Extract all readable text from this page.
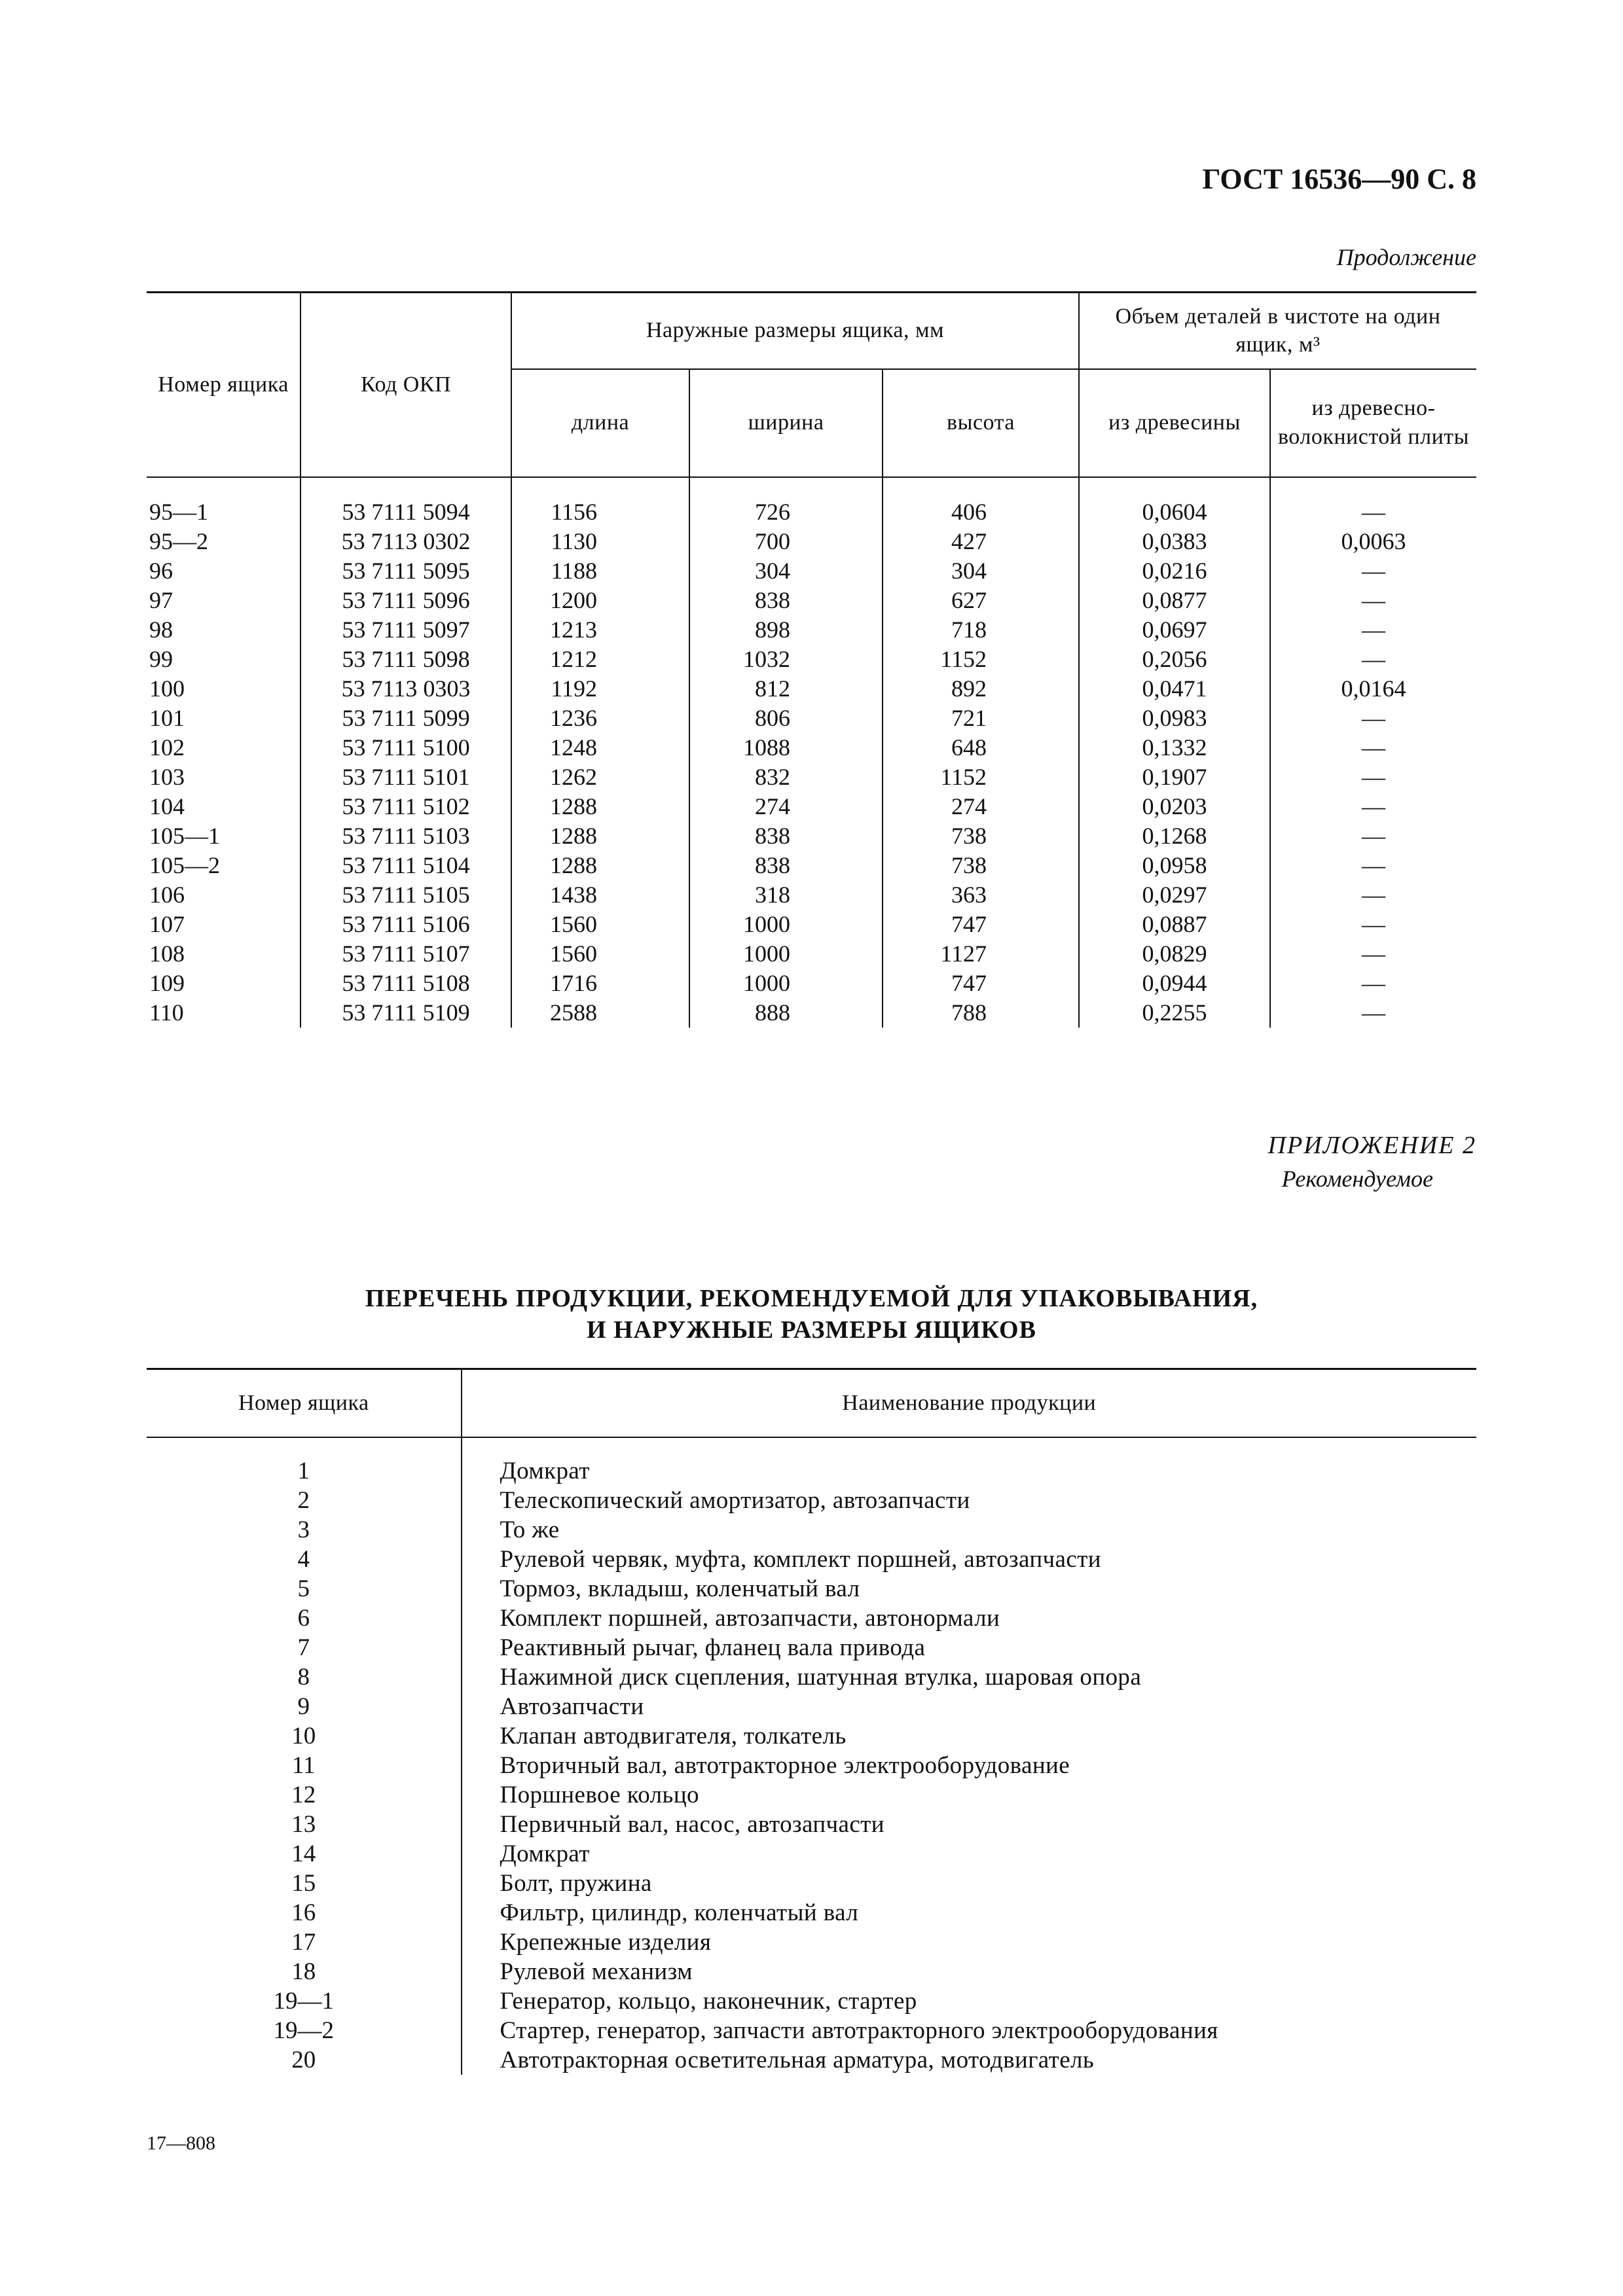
ГОСТ 16536—90 С. 8
Продолжение
Номер ящика	Код ОКП	Наружные размеры ящика, мм			Объем деталей в чистоте на один ящик, м³	
		длина	ширина	высота	из древесины	из древесно-волокнистой плиты
95—1	53 7111 5094	1156	726	406	0,0604	—
95—2	53 7113 0302	1130	700	427	0,0383	0,0063
96	53 7111 5095	1188	304	304	0,0216	—
97	53 7111 5096	1200	838	627	0,0877	—
98	53 7111 5097	1213	898	718	0,0697	—
99	53 7111 5098	1212	1032	1152	0,2056	—
100	53 7113 0303	1192	812	892	0,0471	0,0164
101	53 7111 5099	1236	806	721	0,0983	—
102	53 7111 5100	1248	1088	648	0,1332	—
103	53 7111 5101	1262	832	1152	0,1907	—
104	53 7111 5102	1288	274	274	0,0203	—
105—1	53 7111 5103	1288	838	738	0,1268	—
105—2	53 7111 5104	1288	838	738	0,0958	—
106	53 7111 5105	1438	318	363	0,0297	—
107	53 7111 5106	1560	1000	747	0,0887	—
108	53 7111 5107	1560	1000	1127	0,0829	—
109	53 7111 5108	1716	1000	747	0,0944	—
110	53 7111 5109	2588	888	788	0,2255	—
ПРИЛОЖЕНИЕ 2
Рекомендуемое
ПЕРЕЧЕНЬ ПРОДУКЦИИ, РЕКОМЕНДУЕМОЙ ДЛЯ УПАКОВЫВАНИЯ,
И НАРУЖНЫЕ РАЗМЕРЫ ЯЩИКОВ
Номер ящика	Наименование продукции
1	Домкрат
2	Телескопический амортизатор, автозапчасти
3	То же
4	Рулевой червяк, муфта, комплект поршней, автозапчасти
5	Тормоз, вкладыш, коленчатый вал
6	Комплект поршней, автозапчасти, автонормали
7	Реактивный рычаг, фланец вала привода
8	Нажимной диск сцепления, шатунная втулка, шаровая опора
9	Автозапчасти
10	Клапан автодвигателя, толкатель
11	Вторичный вал, автотракторное электрооборудование
12	Поршневое кольцо
13	Первичный вал, насос, автозапчасти
14	Домкрат
15	Болт, пружина
16	Фильтр, цилиндр, коленчатый вал
17	Крепежные изделия
18	Рулевой механизм
19—1	Генератор, кольцо, наконечник, стартер
19—2	Стартер, генератор, запчасти автотракторного электрооборудования
20	Автотракторная осветительная арматура, мотодвигатель
17—808
